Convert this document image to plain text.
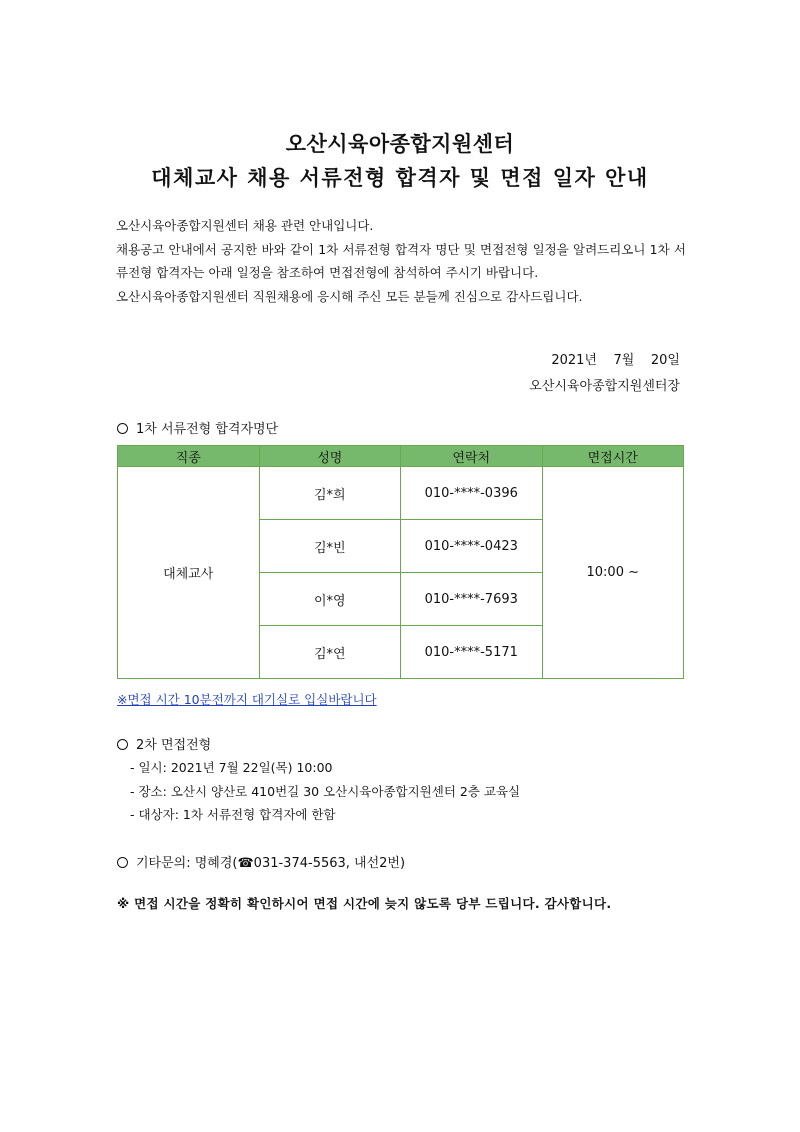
오산시육아종합지원센터
대체교사 채용 서류전형 합격자 및 면접 일자 안내

오산시육아종합지원센터 채용 관련 안내입니다.

채용공고 안내에서 공지한 바와 같이 1차 서류전형 합격자 명단 및 면접전형 일정을 알려드리오니 1차 서류전형 합격자는 아래 일정을 참조하여 면접전형에 참석하여 주시기 바랍니다.

오산시육아종합지원센터 직원채용에 응시해 주신 모든 분들께 진심으로 감사드립니다.

2021년 7월 20일
오산시육아종합지원센터장
1차 서류전형 합격자명단
직종	성명	연락처	면접시간
대체교사	김*희	010-****-0396	10:00 ~
	김*빈	010-****-0423	
	이*영	010-****-7693	
	김*연	010-****-5171	
※면접 시간 10분전까지 대기실로 입실바랍니다
2차 면접전형
- 일시: 2021년 7월 22일(목) 10:00
- 장소: 오산시 양산로 410번길 30 오산시육아종합지원센터 2층 교육실
- 대상자: 1차 서류전형 합격자에 한함
기타문의: 명혜경(☎031-374-5563, 내선2번)
※ 면접 시간을 정확히 확인하시어 면접 시간에 늦지 않도록 당부 드립니다. 감사합니다.
